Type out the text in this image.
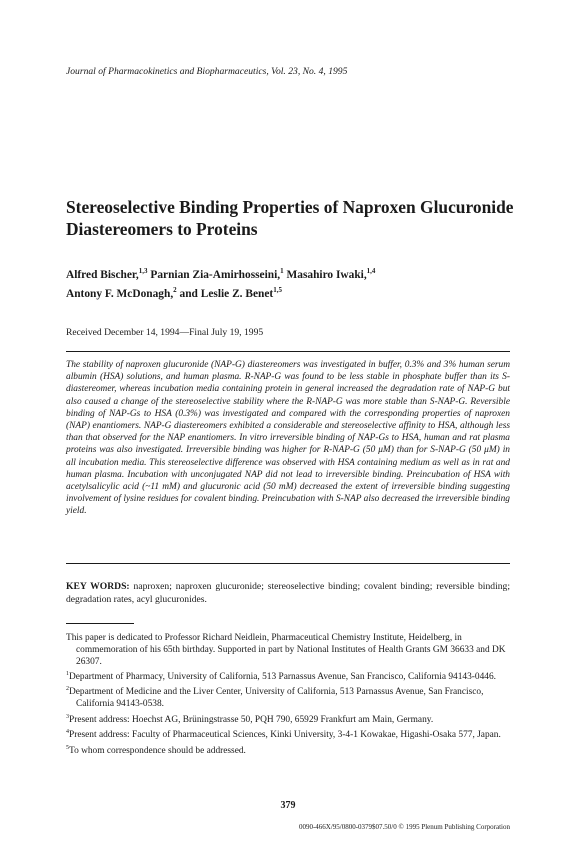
Journal of Pharmacokinetics and Biopharmaceutics, Vol. 23, No. 4, 1995
Stereoselective Binding Properties of Naproxen Glucuronide Diastereomers to Proteins
Alfred Bischer,$^{1,3}$ Parnian Zia-Amirhosseini,$^1$ Masahiro Iwaki,$^{1,4}$
Antony F. McDonagh,$^2$ and Leslie Z. Benet$^{1,5}$
Received December 14, 1994—Final July 19, 1995

The stability of naproxen glucuronide (NAP-G) diastereomers was investigated in buffer, 0.3% and 3% human serum albumin (HSA) solutions, and human plasma. R-NAP-G was found to be less stable in phosphate buffer than its S-diastereomer, whereas incubation media containing protein in general increased the degradation rate of NAP-G but also caused a change of the stereoselective stability where the R-NAP-G was more stable than S-NAP-G. Reversible binding of NAP-Gs to HSA (0.3%) was investigated and compared with the corresponding properties of naproxen (NAP) enantiomers. NAP-G diastereomers exhibited a considerable and stereoselective affinity to HSA, although less than that observed for the NAP enantiomers. In vitro irreversible binding of NAP-Gs to HSA, human and rat plasma proteins was also investigated. Irreversible binding was higher for R-NAP-G (50 μM) than for S-NAP-G (50 μM) in all incubation media. This stereoselective difference was observed with HSA containing medium as well as in rat and human plasma. Incubation with unconjugated NAP did not lead to irreversible binding. Preincubation of HSA with acetylsalicylic acid (~11 mM) and glucuronic acid (50 mM) decreased the extent of irreversible binding suggesting involvement of lysine residues for covalent binding. Preincubation with S-NAP also decreased the irreversible binding yield.

KEY WORDS: naproxen; naproxen glucuronide; stereoselective binding; covalent binding; reversible binding; degradation rates, acyl glucuronides.

This paper is dedicated to Professor Richard Neidlein, Pharmaceutical Chemistry Institute, Heidelberg, in commemoration of his 65th birthday. Supported in part by National Institutes of Health Grants GM 36633 and DK 26307.

$^1$Department of Pharmacy, University of California, 513 Parnassus Avenue, San Francisco, California 94143-0446.

$^2$Department of Medicine and the Liver Center, University of California, 513 Parnassus Avenue, San Francisco, California 94143-0538.

$^3$Present address: Hoechst AG, Brüningstrasse 50, PQH 790, 65929 Frankfurt am Main, Germany.

$^4$Present address: Faculty of Pharmaceutical Sciences, Kinki University, 3-4-1 Kowakae, Higashi-Osaka 577, Japan.

$^5$To whom correspondence should be addressed.

379
0090-466X/95/0800-0379$07.50/0 © 1995 Plenum Publishing Corporation
